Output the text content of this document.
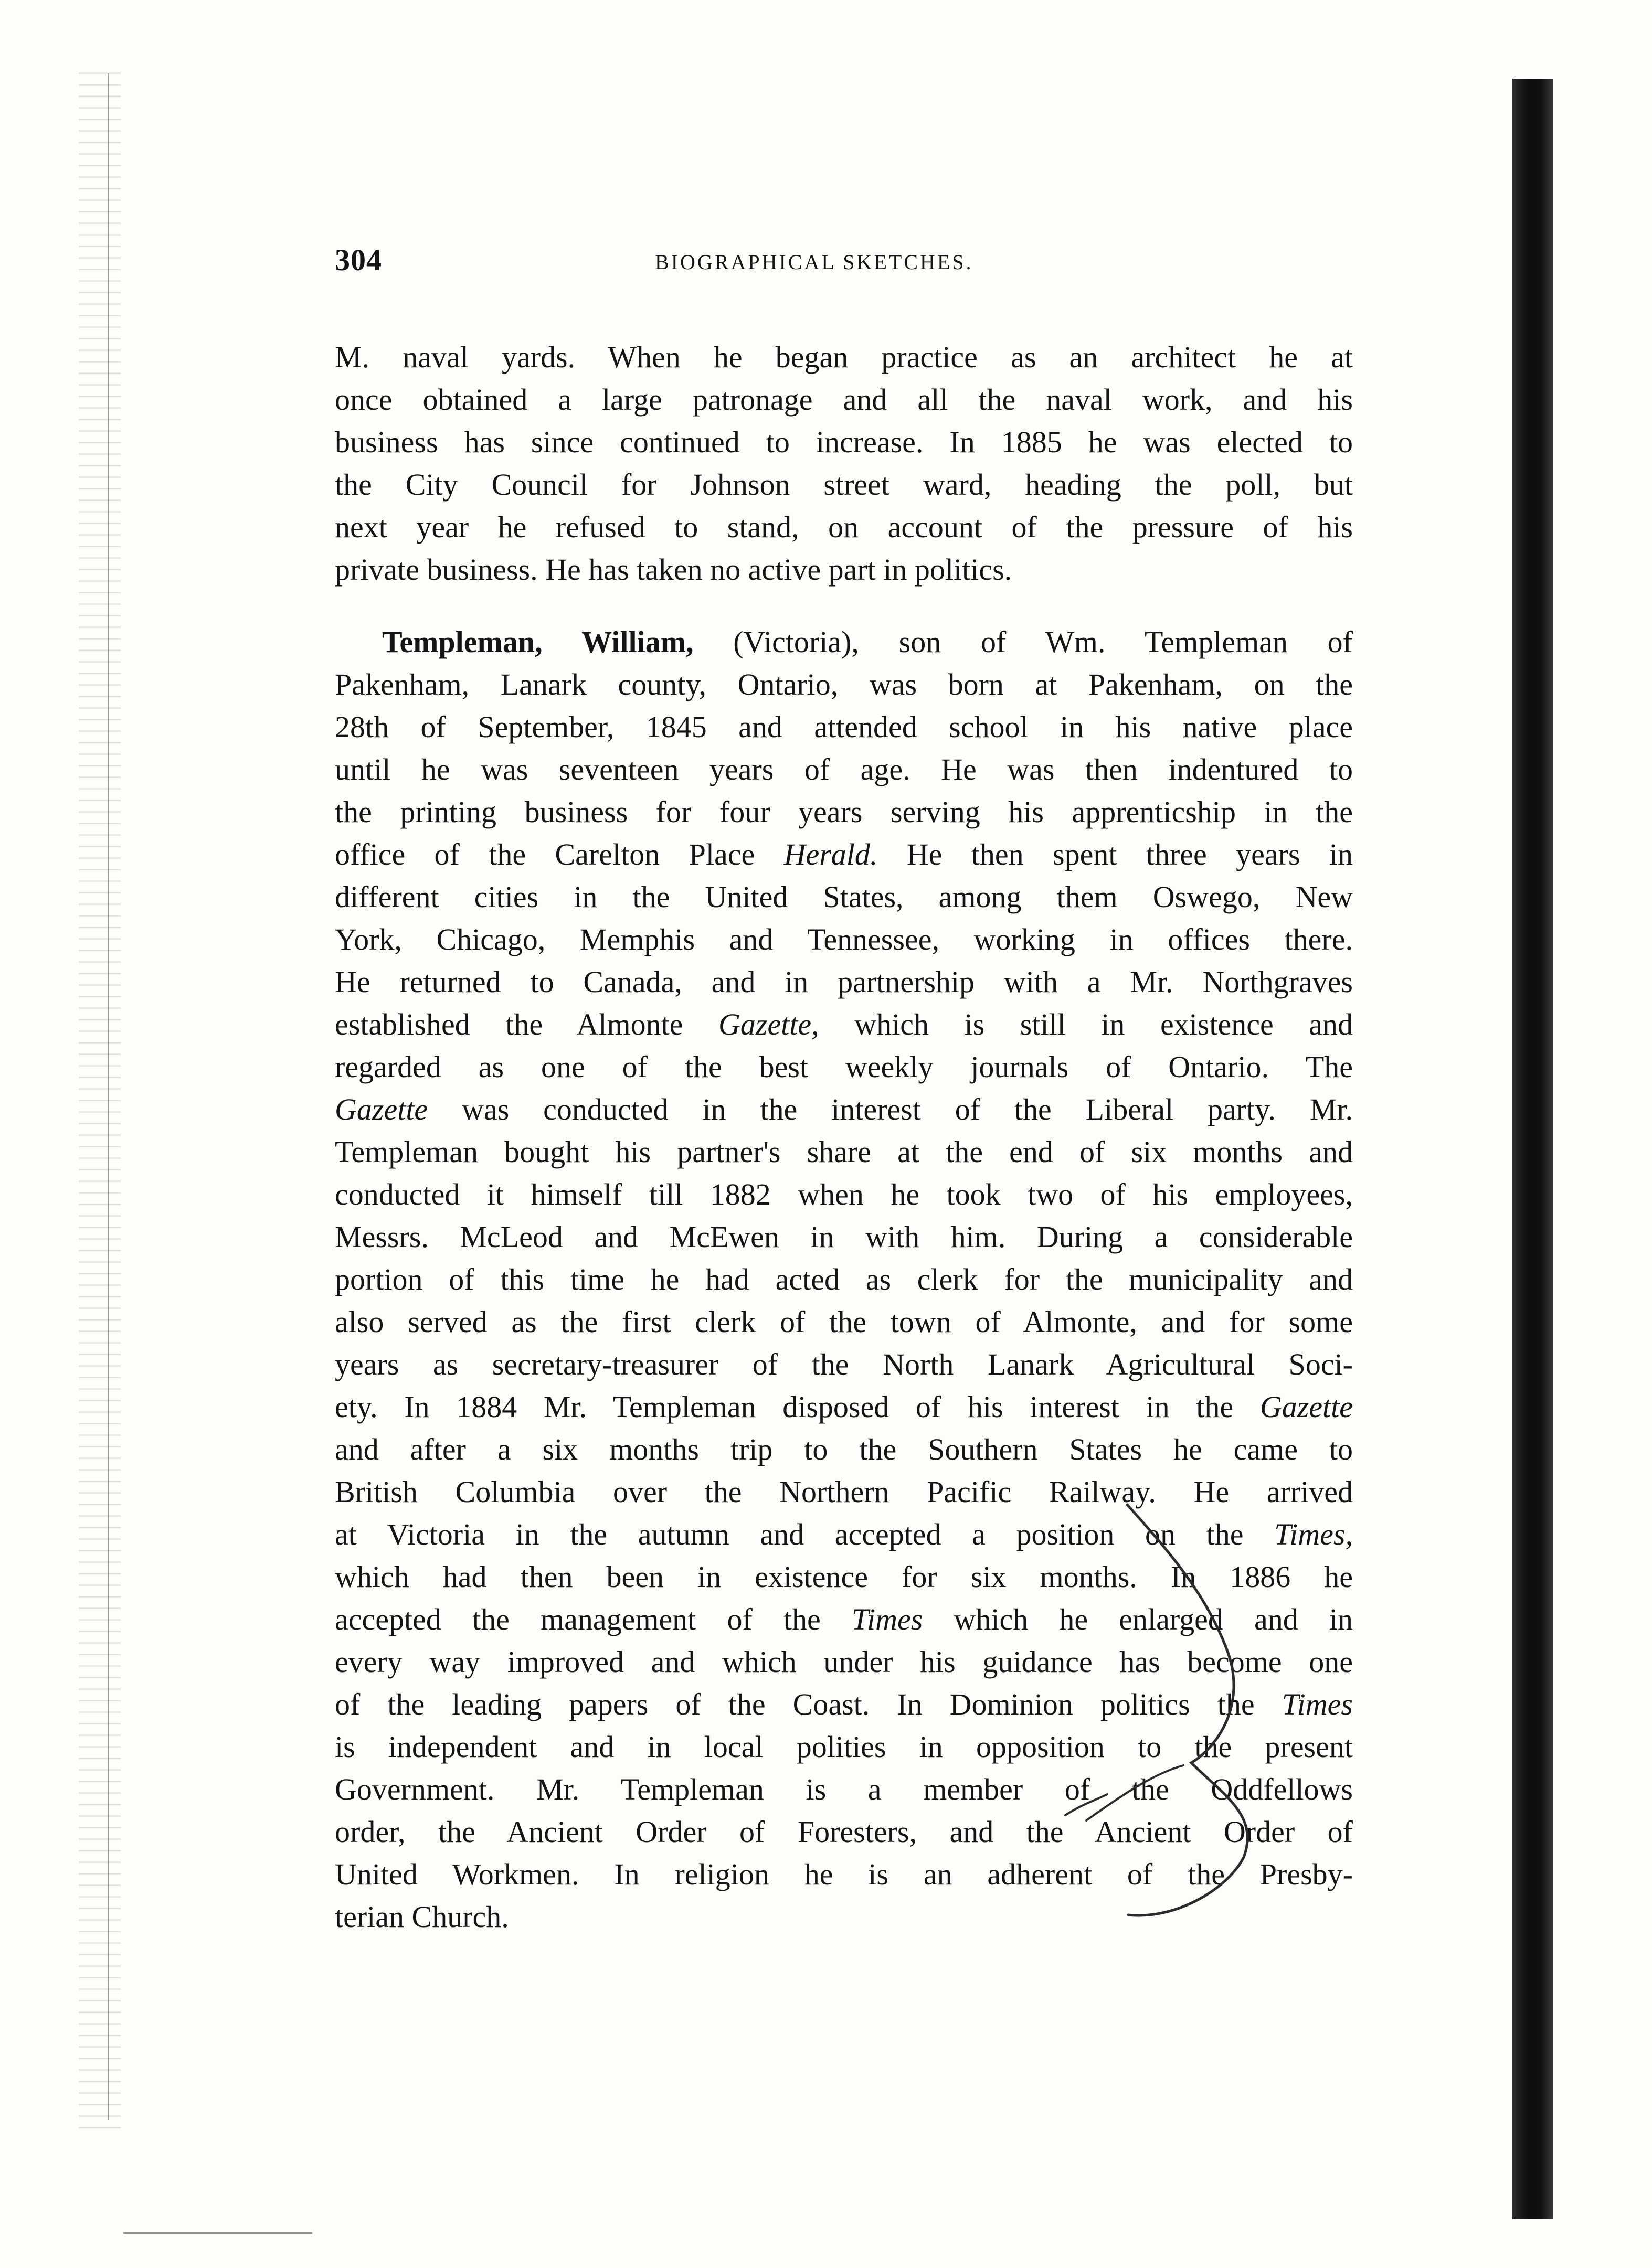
304	BIOGRAPHICAL SKETCHES.
M. naval yards. When he began practice as an architect he at
once obtained a large patronage and all the naval work, and his
business has since continued to increase. In 1885 he was elected to
the City Council for Johnson street ward, heading the poll, but
next year he refused to stand, on account of the pressure of his
private business. He has taken no active part in politics.
Templeman, William, (Victoria), son of Wm. Templeman of
Pakenham, Lanark county, Ontario, was born at Pakenham, on the
28th of September, 1845 and attended school in his native place
until he was seventeen years of age. He was then indentured to
the printing business for four years serving his apprenticship in the
office of the Carelton Place Herald. He then spent three years in
different cities in the United States, among them Oswego, New
York, Chicago, Memphis and Tennessee, working in offices there.
He returned to Canada, and in partnership with a Mr. Northgraves
established the Almonte Gazette, which is still in existence and
regarded as one of the best weekly journals of Ontario. The
Gazette was conducted in the interest of the Liberal party. Mr.
Templeman bought his partner's share at the end of six months and
conducted it himself till 1882 when he took two of his employees,
Messrs. McLeod and McEwen in with him. During a considerable
portion of this time he had acted as clerk for the municipality and
also served as the first clerk of the town of Almonte, and for some
years as secretary-treasurer of the North Lanark Agricultural Soci-
ety. In 1884 Mr. Templeman disposed of his interest in the Gazette
and after a six months trip to the Southern States he came to
British Columbia over the Northern Pacific Railway. He arrived
at Victoria in the autumn and accepted a position on the Times,
which had then been in existence for six months. In 1886 he
accepted the management of the Times which he enlarged and in
every way improved and which under his guidance has become one
of the leading papers of the Coast. In Dominion politics the Times
is independent and in local polities in opposition to the present
Government. Mr. Templeman is a member of the Oddfellows
order, the Ancient Order of Foresters, and the Ancient Order of
United Workmen. In religion he is an adherent of the Presby-
terian Church.
